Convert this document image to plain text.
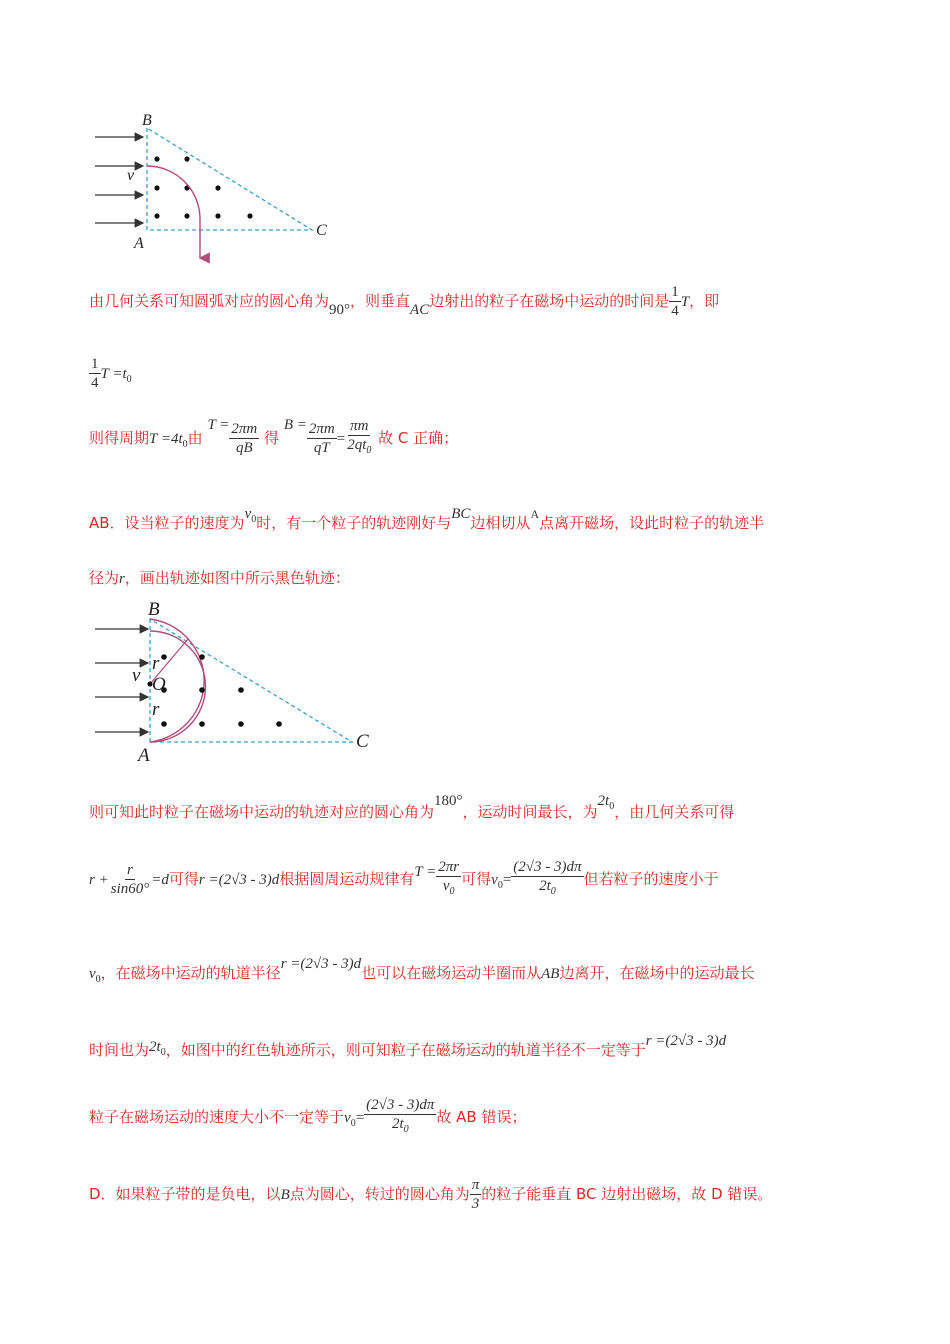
B
A
C
v
由几何关系可知圆弧对应的圆心角为90°，则垂直AC边射出的粒子在磁场中运动的时间是 $\frac{1}{4}$ T，即
$\frac{1}{4}$ $T =t_0$
则得周期$T =4t_0$由 $T = \frac{2\pi m}{qB}$ 得 $B = \frac{2\pi m}{qT} = \frac{\pi m}{2qt_0}$ 故 C 正确；
AB．设当粒子的速度为$v_0$时，有一个粒子的轨迹刚好与BC边相切从$^A$点离开磁场，设此时粒子的轨迹半
径为r，画出轨迹如图中所示黑色轨迹：
B
A
C
v O
r
r
则可知此时粒子在磁场中运动的轨迹对应的圆心角为180°，运动时间最长，为$2t_0$，由几何关系可得
$r + \frac{r}{\sin 60^\circ} =d$可得r =(2√3 - 3)d根据圆周运动规律有$T = \frac{2\pi r}{v_0}$ 可得$v_0= \frac{(2√3 - 3)d\pi}{2t_0}$ 但若粒子的速度小于
$v_0$，在磁场中运动的轨道半径r =(2√3 - 3)d也可以在磁场运动半圈而从AB边离开，在磁场中的运动最长
时间也为$2t_0$，如图中的红色轨迹所示，则可知粒子在磁场运动的轨道半径不一定等于r =(2√3 - 3)d
粒子在磁场运动的速度大小不一定等于$v_0= \frac{(2√3 - 3)d\pi}{2t_0}$ 故 AB 错误；
D．如果粒子带的是负电，以B点为圆心，转过的圆心角为 $\frac{\pi}{3}$ 的粒子能垂直 BC 边射出磁场，故 D 错误。
